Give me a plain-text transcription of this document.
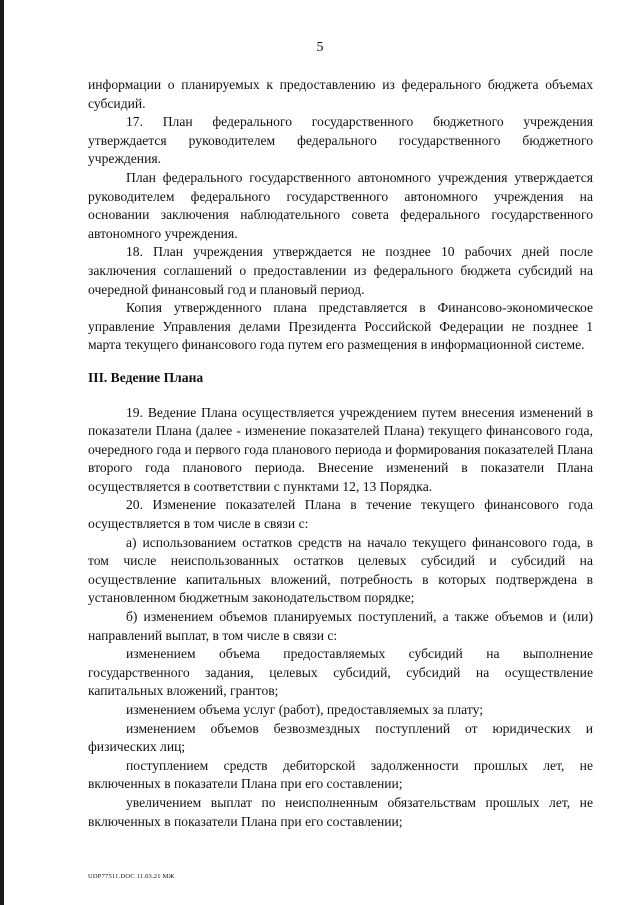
5

информации о планируемых к предоставлению из федерального бюджета объемах субсидий.

17. План федерального государственного бюджетного учреждения утверждается руководителем федерального государственного бюджетного учреждения.

План федерального государственного автономного учреждения утверждается руководителем федерального государственного автономного учреждения на основании заключения наблюдательного совета федерального государственного автономного учреждения.

18. План учреждения утверждается не позднее 10 рабочих дней после заключения соглашений о предоставлении из федерального бюджета субсидий на очередной финансовый год и плановый период.

Копия утвержденного плана представляется в Финансово-экономическое управление Управления делами Президента Российской Федерации не позднее 1 марта текущего финансового года путем его размещения в информационной системе.

III. Ведение Плана

19. Ведение Плана осуществляется учреждением путем внесения изменений в показатели Плана (далее - изменение показателей Плана) текущего финансового года, очередного года и первого года планового периода и формирования показателей Плана второго года планового периода. Внесение изменений в показатели Плана осуществляется в соответствии с пунктами 12, 13 Порядка.

20. Изменение показателей Плана в течение текущего финансового года осуществляется в том числе в связи с:

а) использованием остатков средств на начало текущего финансового года, в том числе неиспользованных остатков целевых субсидий и субсидий на осуществление капитальных вложений, потребность в которых подтверждена в установленном бюджетным законодательством порядке;

б) изменением объемов планируемых поступлений, а также объемов и (или) направлений выплат, в том числе в связи с:

изменением объема предоставляемых субсидий на выполнение государственного задания, целевых субсидий, субсидий на осуществление капитальных вложений, грантов;

изменением объема услуг (работ), предоставляемых за плату;

изменением объемов безвозмездных поступлений от юридических и физических лиц;

поступлением средств дебиторской задолженности прошлых лет, не включенных в показатели Плана при его составлении;

увеличением выплат по неисполненным обязательствам прошлых лет, не включенных в показатели Плана при его составлении;

UDP77511.DOC 11.03.21 МЖ
